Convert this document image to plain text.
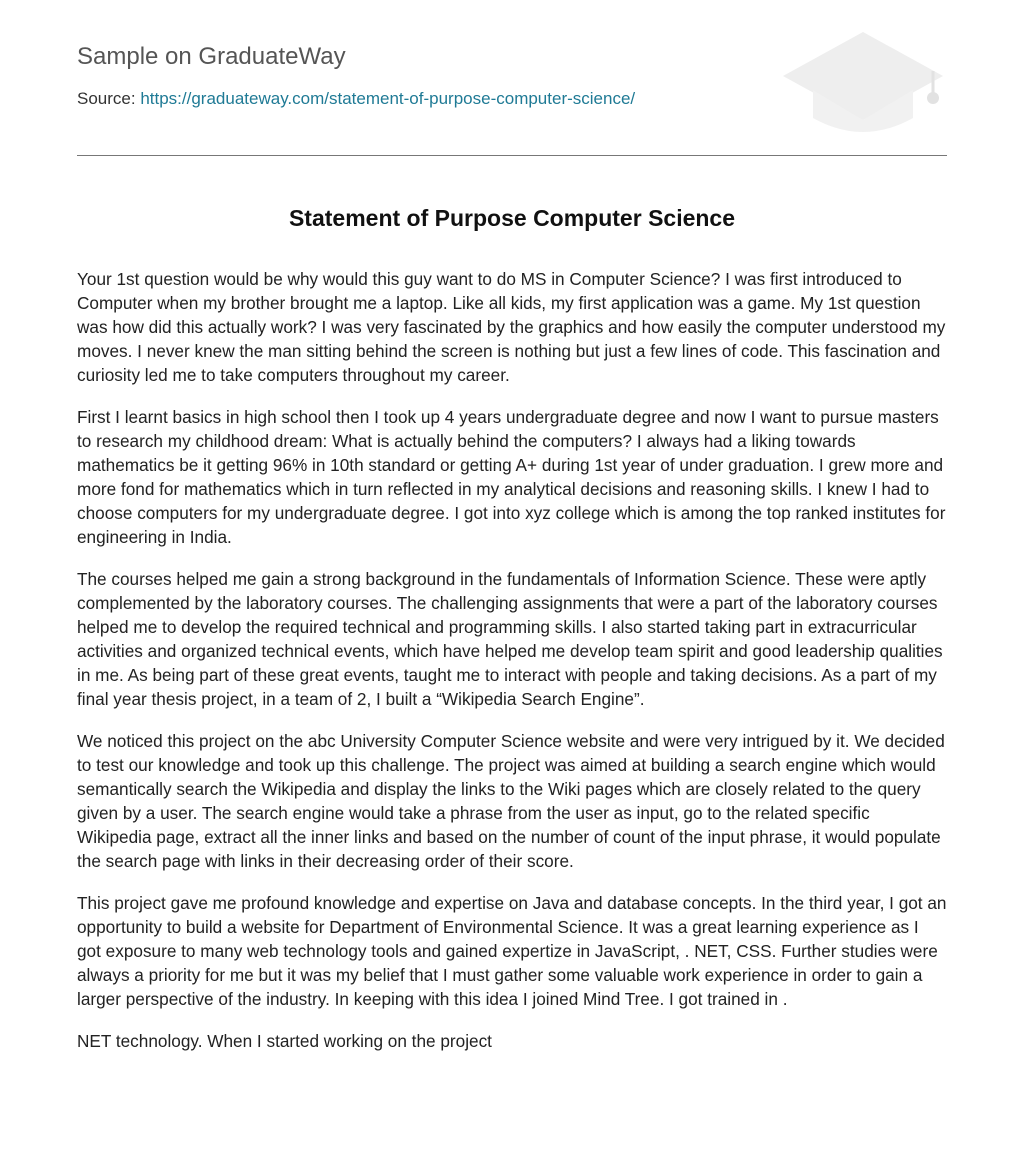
Sample on GraduateWay
Source: https://graduateway.com/statement-of-purpose-computer-science/
Statement of Purpose Computer Science

Your 1st question would be why would this guy want to do MS in Computer Science? I was first introduced to Computer when my brother brought me a laptop. Like all kids, my first application was a game. My 1st question was how did this actually work? I was very fascinated by the graphics and how easily the computer understood my moves. I never knew the man sitting behind the screen is nothing but just a few lines of code. This fascination and curiosity led me to take computers throughout my career.

First I learnt basics in high school then I took up 4 years undergraduate degree and now I want to pursue masters to research my childhood dream: What is actually behind the computers? I always had a liking towards mathematics be it getting 96% in 10th standard or getting A+ during 1st year of under graduation. I grew more and more fond for mathematics which in turn reflected in my analytical decisions and reasoning skills. I knew I had to choose computers for my undergraduate degree. I got into xyz college which is among the top ranked institutes for engineering in India.

The courses helped me gain a strong background in the fundamentals of Information Science. These were aptly complemented by the laboratory courses. The challenging assignments that were a part of the laboratory courses helped me to develop the required technical and programming skills. I also started taking part in extracurricular activities and organized technical events, which have helped me develop team spirit and good leadership qualities in me. As being part of these great events, taught me to interact with people and taking decisions. As a part of my final year thesis project, in a team of 2, I built a “Wikipedia Search Engine”.

We noticed this project on the abc University Computer Science website and were very intrigued by it. We decided to test our knowledge and took up this challenge. The project was aimed at building a search engine which would semantically search the Wikipedia and display the links to the Wiki pages which are closely related to the query given by a user. The search engine would take a phrase from the user as input, go to the related specific Wikipedia page, extract all the inner links and based on the number of count of the input phrase, it would populate the search page with links in their decreasing order of their score.

This project gave me profound knowledge and expertise on Java and database concepts. In the third year, I got an opportunity to build a website for Department of Environmental Science. It was a great learning experience as I got exposure to many web technology tools and gained expertize in JavaScript, . NET, CSS. Further studies were always a priority for me but it was my belief that I must gather some valuable work experience in order to gain a larger perspective of the industry. In keeping with this idea I joined Mind Tree. I got trained in .

NET technology. When I started working on the project
